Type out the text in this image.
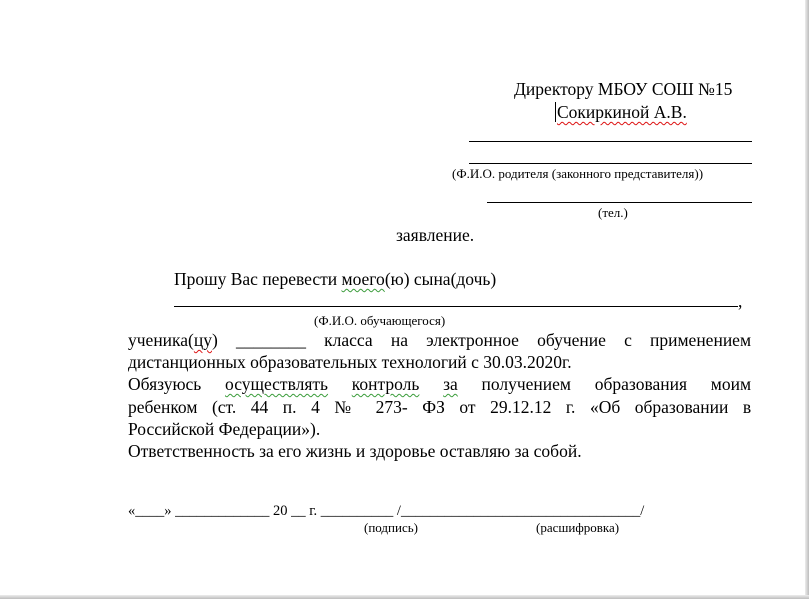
Директору МБОУ СОШ №15
Сокиркиной А.В.
(Ф.И.О. родителя (законного представителя))
(тел.)
заявление.
Прошу Вас перевести моего(ю) сына(дочь)
,
(Ф.И.О. обучающегося)
ученика(цу) ________ класса на электронное обучение с применением
дистанционных образовательных технологий с 30.03.2020г.
Обязуюсь осуществлять контроль за получением образования моим
ребенком (ст. 44 п. 4 № 273- ФЗ от 29.12.12 г. «Об образовании в
Российской Федерации»).
Ответственность за его жизнь и здоровье оставляю за собой.
«____» _____________ 20 __ г. __________ /_________________________________/
(подпись)	(расшифровка)
